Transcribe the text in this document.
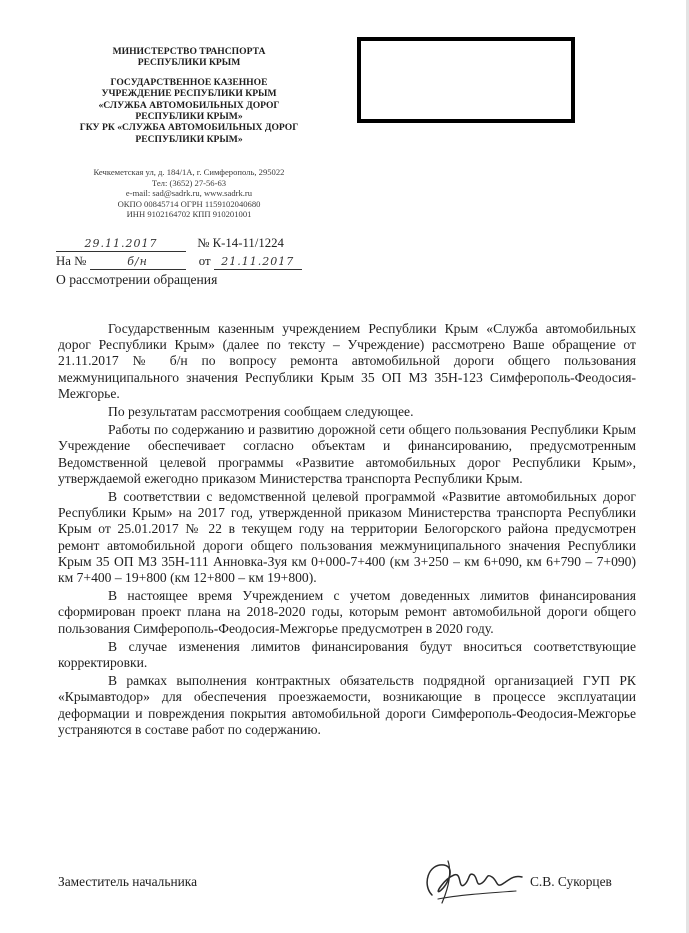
МИНИСТЕРСТВО ТРАНСПОРТА
РЕСПУБЛИКИ КРЫМ
ГОСУДАРСТВЕННОЕ КАЗЕННОЕ
УЧРЕЖДЕНИЕ РЕСПУБЛИКИ КРЫМ
«СЛУЖБА АВТОМОБИЛЬНЫХ ДОРОГ
РЕСПУБЛИКИ КРЫМ»
ГКУ РК «СЛУЖБА АВТОМОБИЛЬНЫХ ДОРОГ
РЕСПУБЛИКИ КРЫМ»
Кечкеметская ул, д. 184/1А, г. Симферополь, 295022
Тел: (3652) 27-56-63
e-mail: sad@sadrk.ru, www.sadrk.ru
ОКПО 00845714 ОГРН 1159102040680
ИНН 9102164702 КПП 910201001
29.11.2017	№ К-14-11/1224
На №	б/н	от 21.11.2017
О рассмотрении обращения

Государственным казенным учреждением Республики Крым «Служба автомобильных дорог Республики Крым» (далее по тексту – Учреждение) рассмотрено Ваше обращение от 21.11.2017 № б/н по вопросу ремонта автомобильной дороги общего пользования межмуниципального значения Республики Крым 35 ОП МЗ 35Н-123 Симферополь-Феодосия-Межгорье.

По результатам рассмотрения сообщаем следующее.

Работы по содержанию и развитию дорожной сети общего пользования Республики Крым Учреждение обеспечивает согласно объектам и финансированию, предусмотренным Ведомственной целевой программы «Развитие автомобильных дорог Республики Крым», утверждаемой ежегодно приказом Министерства транспорта Республики Крым.

В соответствии с ведомственной целевой программой «Развитие автомобильных дорог Республики Крым» на 2017 год, утвержденной приказом Министерства транспорта Республики Крым от 25.01.2017 № 22 в текущем году на территории Белогорского района предусмотрен ремонт автомобильной дороги общего пользования межмуниципального значения Республики Крым 35 ОП МЗ 35Н-111 Анновка-Зуя км 0+000-7+400 (км 3+250 – км 6+090, км 6+790 – 7+090) км 7+400 – 19+800 (км 12+800 – км 19+800).

В настоящее время Учреждением с учетом доведенных лимитов финансирования сформирован проект плана на 2018-2020 годы, которым ремонт автомобильной дороги общего пользования Симферополь-Феодосия-Межгорье предусмотрен в 2020 году.

В случае изменения лимитов финансирования будут вноситься соответствующие корректировки.

В рамках выполнения контрактных обязательств подрядной организацией ГУП РК «Крымавтодор» для обеспечения проезжаемости, возникающие в процессе эксплуатации деформации и повреждения покрытия автомобильной дороги Симферополь-Феодосия-Межгорье устраняются в составе работ по содержанию.

Заместитель начальника	С.В. Сукорцев
